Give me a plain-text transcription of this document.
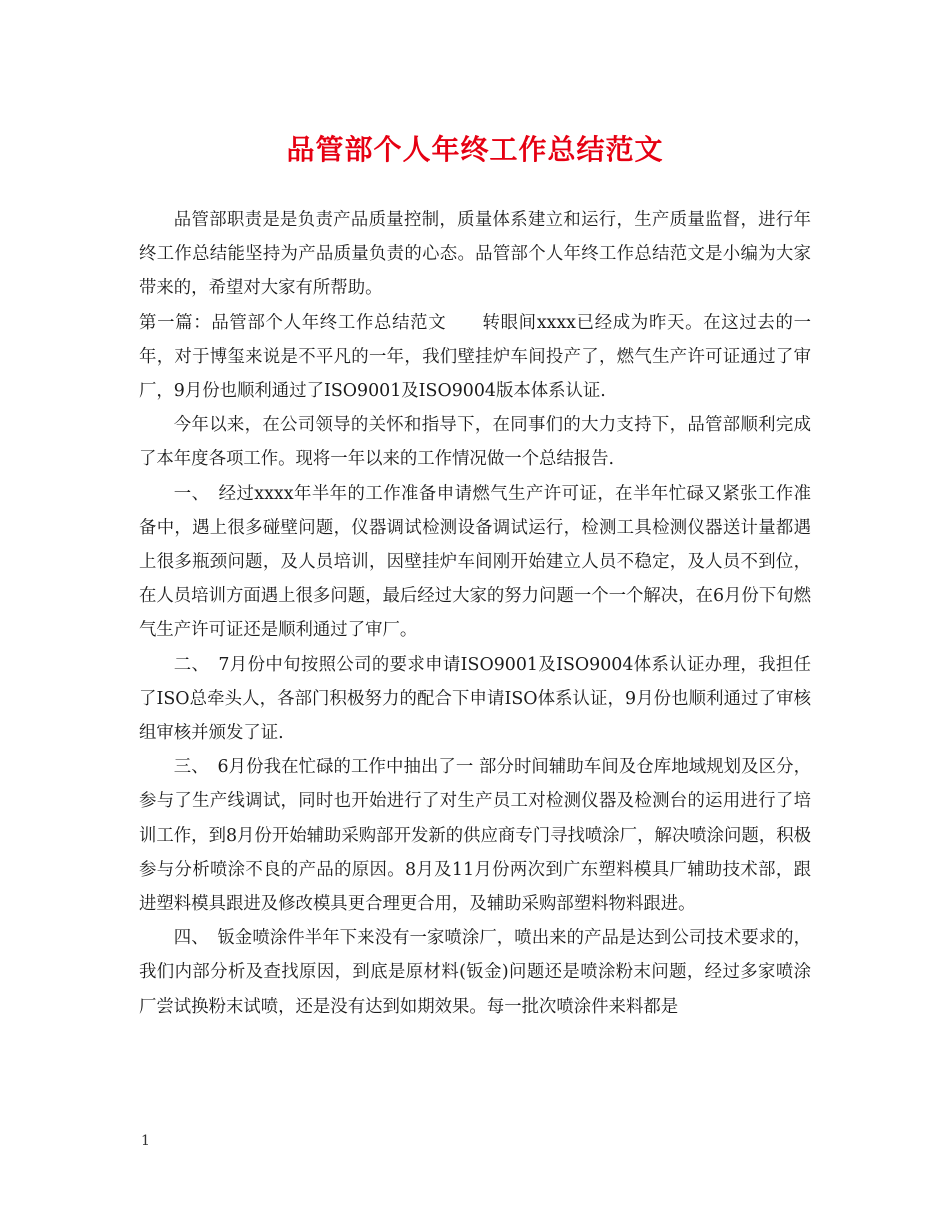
品管部个人年终工作总结范文

品管部职责是是负责产品质量控制，质量体系建立和运行，生产质量监督，进行年终工作总结能坚持为产品质量负责的心态。品管部个人年终工作总结范文是小编为大家带来的，希望对大家有所帮助。

第一篇：品管部个人年终工作总结范文　　转眼间xxxx已经成为昨天。在这过去的一年，对于博玺来说是不平凡的一年，我们壁挂炉车间投产了，燃气生产许可证通过了审厂，9月份也顺利通过了ISO9001及ISO9004版本体系认证.

今年以来，在公司领导的关怀和指导下，在同事们的大力支持下，品管部顺利完成了本年度各项工作。现将一年以来的工作情况做一个总结报告.

一、　经过xxxx年半年的工作准备申请燃气生产许可证，在半年忙碌又紧张工作准备中，遇上很多碰壁问题，仪器调试检测设备调试运行，检测工具检测仪器送计量都遇上很多瓶颈问题，及人员培训，因壁挂炉车间刚开始建立人员不稳定，及人员不到位，在人员培训方面遇上很多问题，最后经过大家的努力问题一个一个解决，在6月份下旬燃气生产许可证还是顺利通过了审厂。

二、　7月份中旬按照公司的要求申请ISO9001及ISO9004体系认证办理，我担任了ISO总牵头人，各部门积极努力的配合下申请ISO体系认证，9月份也顺利通过了审核组审核并颁发了证.

三、　6月份我在忙碌的工作中抽出了一 部分时间辅助车间及仓库地域规划及区分，参与了生产线调试，同时也开始进行了对生产员工对检测仪器及检测台的运用进行了培训工作，到8月份开始辅助采购部开发新的供应商专门寻找喷涂厂，解决喷涂问题，积极参与分析喷涂不良的产品的原因。8月及11月份两次到广东塑料模具厂辅助技术部，跟进塑料模具跟进及修改模具更合理更合用，及辅助采购部塑料物料跟进。

四、　钣金喷涂件半年下来没有一家喷涂厂，喷出来的产品是达到公司技术要求的，我们内部分析及查找原因，到底是原材料(钣金)问题还是喷涂粉末问题，经过多家喷涂厂尝试换粉末试喷，还是没有达到如期效果。每一批次喷涂件来料都是

1
